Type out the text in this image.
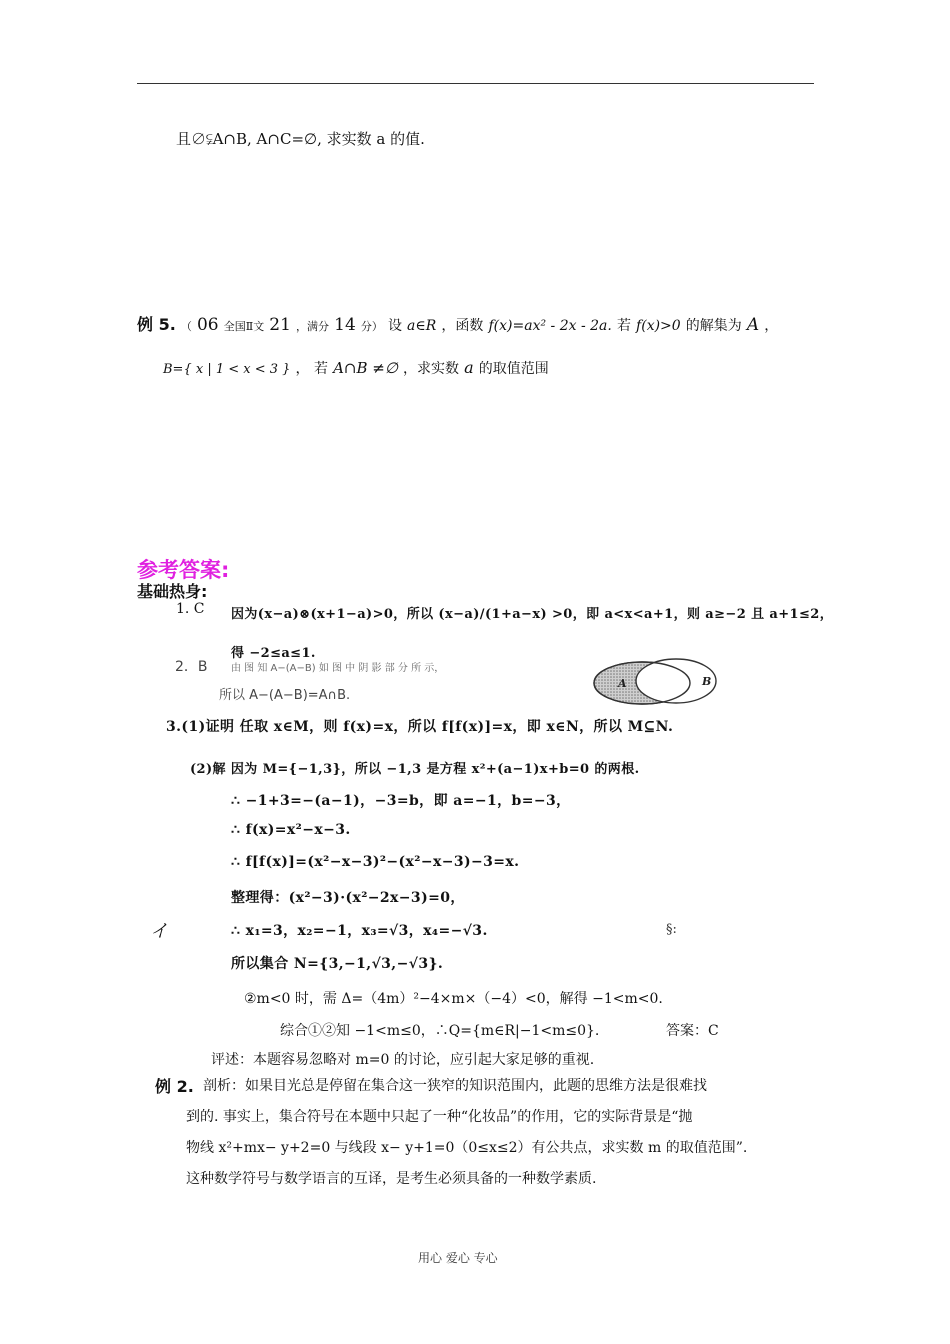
且∅⫋A∩B, A∩C=∅, 求实数 a 的值.
例 5. （ 06 全国Ⅱ文 21 ，满分 14 分） 设 a∈R ，函数 f(x)=ax² - 2x - 2a. 若 f(x)>0 的解集为 A ，
B={ x | 1 < x < 3 } ， 若 A∩B ≠∅ ，求实数 a 的取值范围
参考答案:
基础热身:
1. C 因为(x−a)⊗(x+1−a)>0，所以 (x−a)/(1+a−x) >0，即 a<x<a+1，则 a≥−2 且 a+1≤2，
得 −2≤a≤1.
2．B 由 图 知 A−(A−B) 如 图 中 阴 影 部 分 所 示，
所以 A−(A−B)=A∩B.
A	B
3.(1)证明 任取 x∈M，则 f(x)=x，所以 f[f(x)]=x，即 x∈N，所以 M⊆N.
(2)解 因为 M={−1,3}，所以 −1,3 是方程 x²+(a−1)x+b=0 的两根.
∴ −1+3=−(a−1)，−3=b，即 a=−1，b=−3，
∴ f(x)=x²−x−3.
∴ f[f(x)]=(x²−x−3)²−(x²−x−3)−3=x.
整理得：(x²−3)·(x²−2x−3)=0，
∴ x₁=3，x₂=−1，x₃=√3，x₄=−√3.
所以集合 N={3,−1,√3,−√3}.
イ	§:
②m<0 时，需 Δ=（4m）²−4×m×（−4）<0，解得 −1<m<0.
综合①②知 −1<m≤0，∴Q={m∈R|−1<m≤0}.	答案：C
评述：本题容易忽略对 m=0 的讨论，应引起大家足够的重视.
例 2. 剖析：如果目光总是停留在集合这一狭窄的知识范围内，此题的思维方法是很难找
到的. 事实上，集合符号在本题中只起了一种“化妆品”的作用，它的实际背景是“抛
物线 x²+mx− y+2=0 与线段 x− y+1=0（0≤x≤2）有公共点，求实数 m 的取值范围”.
这种数学符号与数学语言的互译，是考生必须具备的一种数学素质.
用心 爱心 专心
